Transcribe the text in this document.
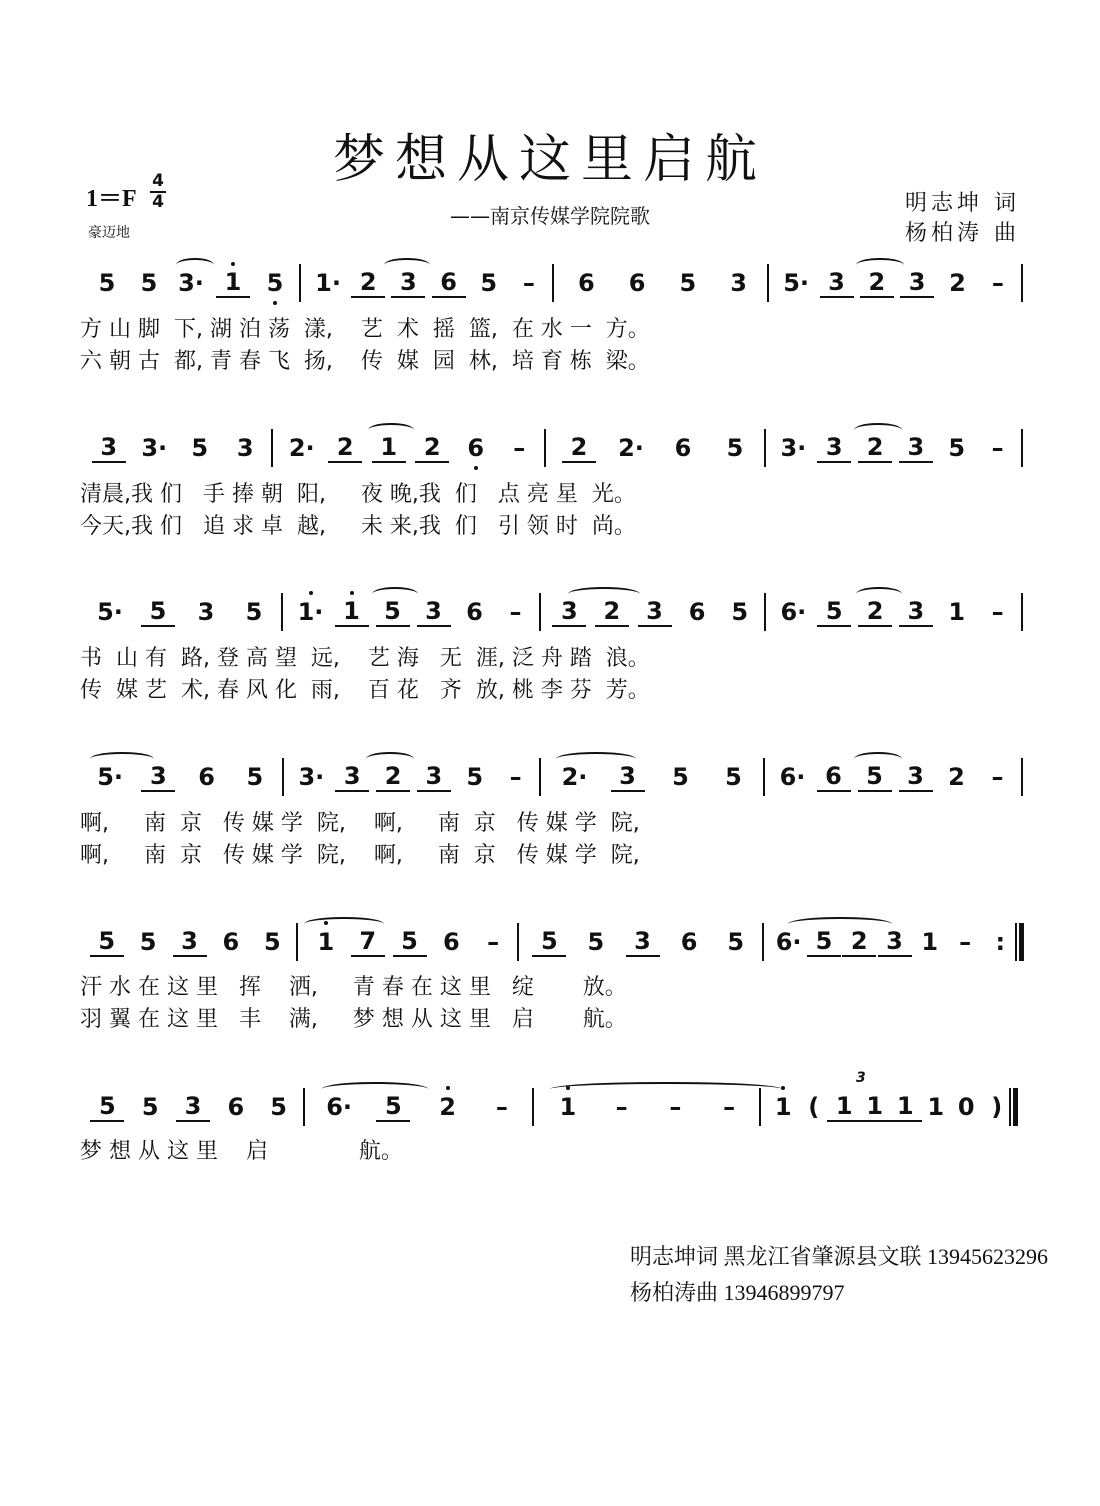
梦想从这里启航
——南京传媒学院院歌
1＝F
4
4
豪迈地
明志坤 词
杨柏涛 曲
5	5 3· 1	5	1· 2 3 6 5	–	6	6	5	3	5· 3 2 3 2	–
方 山 脚  下, 湖 泊 荡  漾,    艺  术  摇  篮,  在 水 一  方。
六 朝 古  都, 青 春 飞  扬,    传  媒  园  林,  培 育 栋  梁。
3	3·	5	3	2· 2	1	2	6	–	2	2·	6	5	3· 3	2	3	5	–
清晨,我 们   手 捧 朝  阳,     夜 晚,我  们   点 亮 星  光。
今天,我 们   追 求 卓  越,     未 来,我  们   引 领 时  尚。
5·	5	3	5	1· 1	5	3	6	–	3	2	3	6	5	6· 5	2	3	1	–
书  山 有  路, 登 高 望  远,    艺 海   无  涯, 泛 舟 踏  浪。
传  媒 艺  术, 春 风 化  雨,    百 花   齐  放, 桃 李 芬  芳。
5·	3	6	5	3· 3	2	3	5	–	2·	3	5	5	6· 6	5	3	2	–
啊,     南  京   传 媒 学  院,    啊,     南  京   传 媒 学  院,
啊,     南  京   传 媒 学  院,    啊,     南  京   传 媒 学  院,
5	5	3	6	5	1	7	5	6	–	5	5	3	6	5	6· 5 2 3 1 –	:
汗 水 在 这 里   挥    洒,     青 春 在 这 里   绽       放。
羽 翼 在 这 里   丰    满,     梦 想 从 这 里   启       航。
5	5	3	6	5	6·	5	2	–	1	–	–	–	1 ( 1 1 1 1 0 )
3
梦 想 从 这 里    启             航。
明志坤词 黑龙江省肇源县文联 13945623296
杨柏涛曲 13946899797
